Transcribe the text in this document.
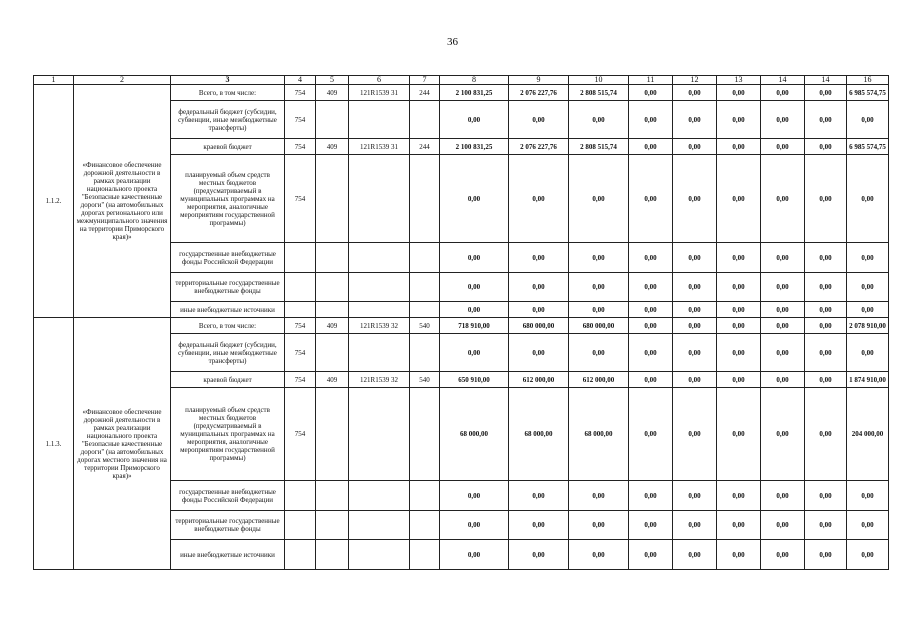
36
1	2	3	4	5	6	7	8	9	10	11	12	13	14	14	16
1.1.2.	«Финансовое обеспечение дорожной деятельности в рамках реализации национального проекта "Безопасные качественные дороги" (на автомобильных дорогах регионального или межмуниципального значения на территории Приморского края)»	Всего, в том числе:	754	409	121R1539 31	244	2 100 831,25	2 076 227,76	2 808 515,74	0,00	0,00	0,00	0,00	0,00	6 985 574,75
		федеральный бюджет (субсидии, субвенции, иные межбюджетные трансферты)	754				0,00	0,00	0,00	0,00	0,00	0,00	0,00	0,00	0,00
		краевой бюджет	754	409	121R1539 31	244	2 100 831,25	2 076 227,76	2 808 515,74	0,00	0,00	0,00	0,00	0,00	6 985 574,75
		планируемый объем средств местных бюджетов (предусматриваемый в муниципальных программах на мероприятия, аналогичные мероприятиям государственной программы)	754				0,00	0,00	0,00	0,00	0,00	0,00	0,00	0,00	0,00
		государственные внебюджетные фонды Российской Федерации					0,00	0,00	0,00	0,00	0,00	0,00	0,00	0,00	0,00
		территориальные государственные внебюджетные фонды					0,00	0,00	0,00	0,00	0,00	0,00	0,00	0,00	0,00
		иные внебюджетные источники					0,00	0,00	0,00	0,00	0,00	0,00	0,00	0,00	0,00
1.1.3.	«Финансовое обеспечение дорожной деятельности в рамках реализации национального проекта "Безопасные качественные дороги" (на автомобильных дорогах местного значения на территории Приморского края)»	Всего, в том числе:	754	409	121R1539 32	540	718 910,00	680 000,00	680 000,00	0,00	0,00	0,00	0,00	0,00	2 078 910,00
		федеральный бюджет (субсидии, субвенции, иные межбюджетные трансферты)	754				0,00	0,00	0,00	0,00	0,00	0,00	0,00	0,00	0,00
		краевой бюджет	754	409	121R1539 32	540	650 910,00	612 000,00	612 000,00	0,00	0,00	0,00	0,00	0,00	1 874 910,00
		планируемый объем средств местных бюджетов (предусматриваемый в муниципальных программах на мероприятия, аналогичные мероприятиям государственной программы)	754				68 000,00	68 000,00	68 000,00	0,00	0,00	0,00	0,00	0,00	204 000,00
		государственные внебюджетные фонды Российской Федерации					0,00	0,00	0,00	0,00	0,00	0,00	0,00	0,00	0,00
		территориальные государственные внебюджетные фонды					0,00	0,00	0,00	0,00	0,00	0,00	0,00	0,00	0,00
		иные внебюджетные источники					0,00	0,00	0,00	0,00	0,00	0,00	0,00	0,00	0,00
